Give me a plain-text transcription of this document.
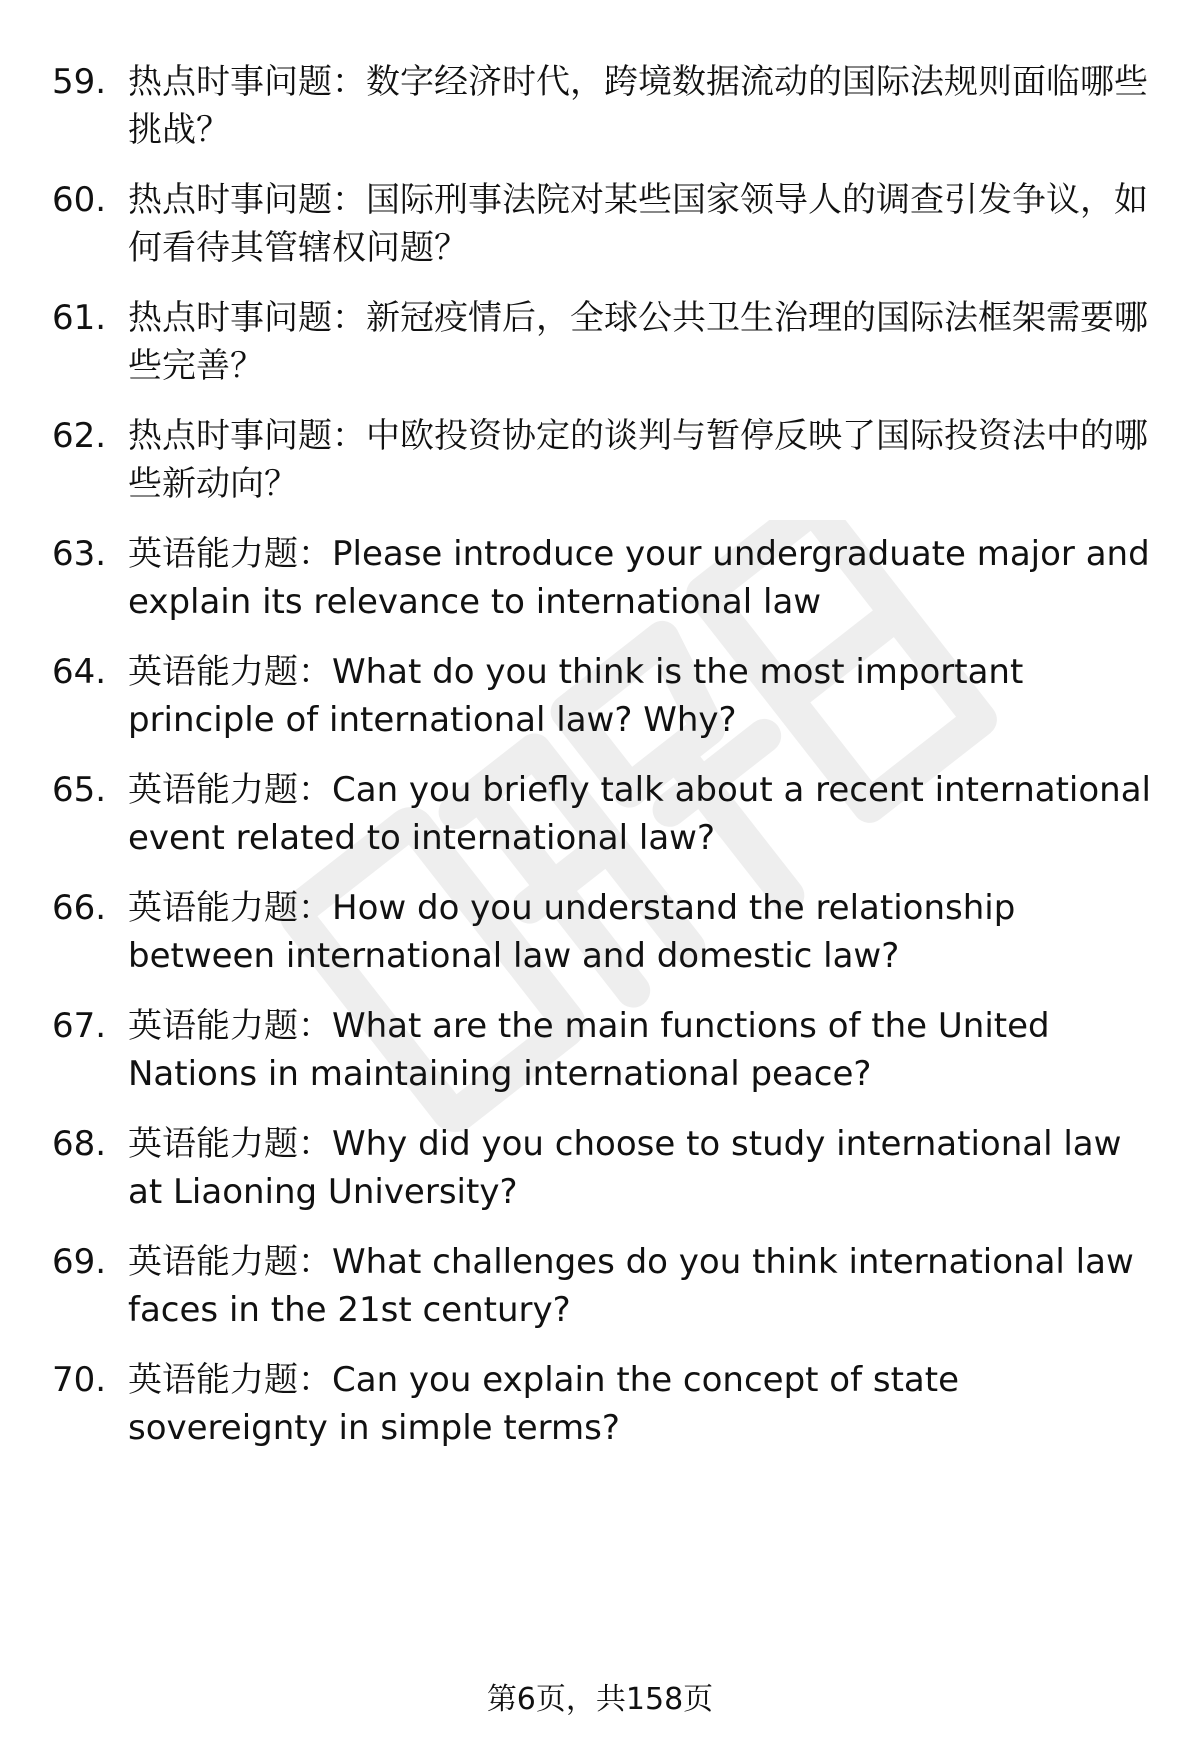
59. 热点时事问题：数字经济时代，跨境数据流动的国际法规则面临哪些挑战？
60. 热点时事问题：国际刑事法院对某些国家领导人的调查引发争议，如何看待其管辖权问题？
61. 热点时事问题：新冠疫情后，全球公共卫生治理的国际法框架需要哪些完善？
62. 热点时事问题：中欧投资协定的谈判与暂停反映了国际投资法中的哪些新动向？
63. 英语能力题：Please introduce your undergraduate major and explain its relevance to international law
64. 英语能力题：What do you think is the most important principle of international law? Why?
65. 英语能力题：Can you briefly talk about a recent international event related to international law?
66. 英语能力题：How do you understand the relationship between international law and domestic law?
67. 英语能力题：What are the main functions of the United Nations in maintaining international peace?
68. 英语能力题：Why did you choose to study international law at Liaoning University?
69. 英语能力题：What challenges do you think international law faces in the 21st century?
70. 英语能力题：Can you explain the concept of state sovereignty in simple terms?
第6页，共158页
